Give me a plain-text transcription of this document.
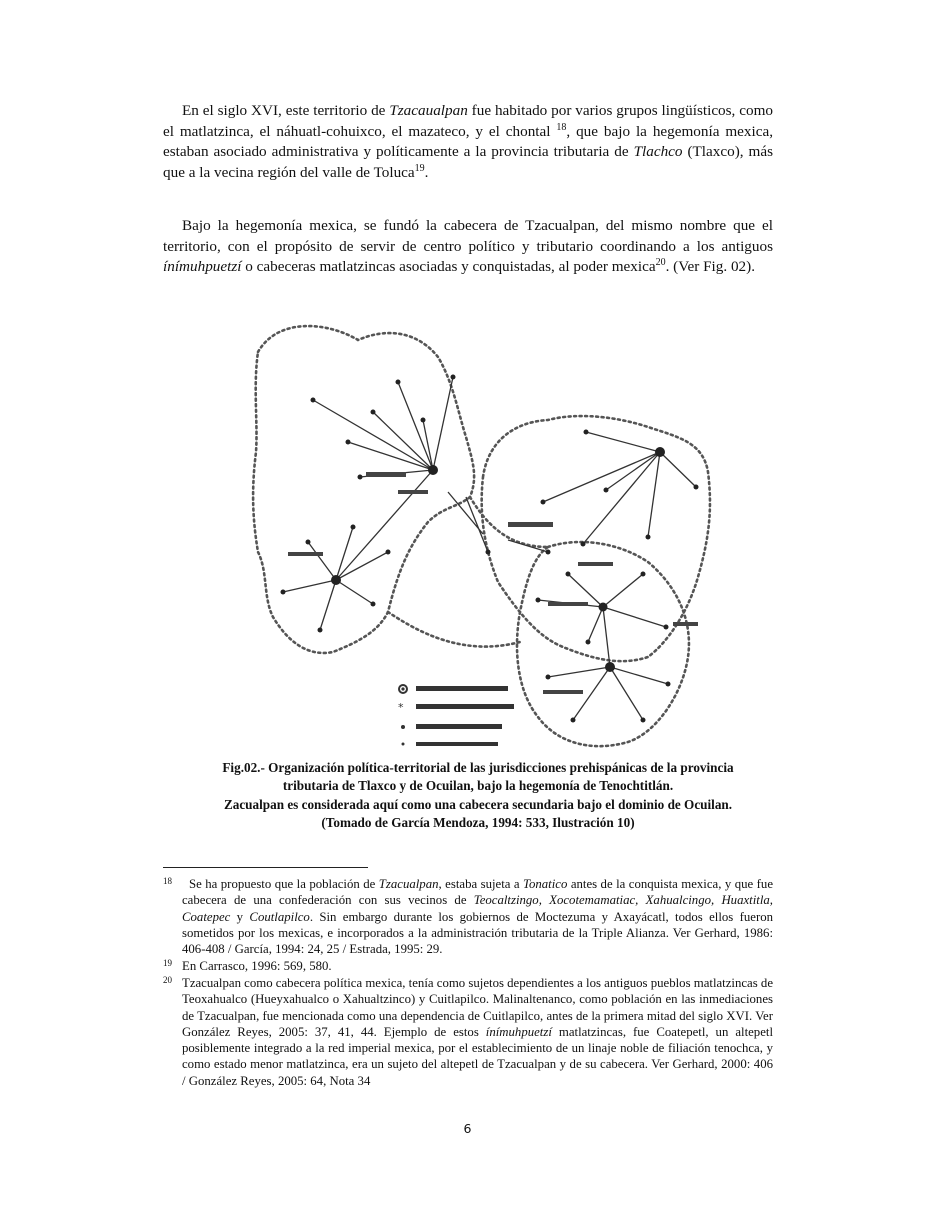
En el siglo XVI, este territorio de Tzacaualpan fue habitado por varios grupos lingüísticos, como el matlatzinca, el náhuatl-cohuixco, el mazateco, y el chontal $^{18}$, que bajo la hegemonía mexica, estaban asociado administrativa y políticamente a la provincia tributaria de Tlachco (Tlaxco), más que a la vecina región del valle de Toluca$^{19}$.

Bajo la hegemonía mexica, se fundó la cabecera de Tzacualpan, del mismo nombre que el territorio, con el propósito de servir de centro político y tributario coordinando a los antiguos ínímuhpuetzí o cabeceras matlatzincas asociadas y conquistadas, al poder mexica$^{20}$. (Ver Fig. 02).

*
Fig.02.- Organización política-territorial de las jurisdicciones prehispánicas de la provincia
tributaria de Tlaxco y de Ocuilan, bajo la hegemonía de Tenochtitlán.
Zacualpan es considerada aquí como una cabecera secundaria bajo el dominio de Ocuilan.
(Tomado de García Mendoza, 1994: 533, Ilustración 10)
18	Se ha propuesto que la población de Tzacualpan, estaba sujeta a Tonatico antes de la conquista mexica, y que fue cabecera de una confederación con sus vecinos de Teocaltzingo, Xocotemamatiac, Xahualcingo, Huaxtitla, Coatepec y Coutlapilco. Sin embargo durante los gobiernos de Moctezuma y Axayácatl, todos ellos fueron sometidos por los mexicas, e incorporados a la administración tributaria de la Triple Alianza. Ver Gerhard, 1986: 406-408 / García, 1994: 24, 25 / Estrada, 1995: 29.
19 En Carrasco, 1996: 569, 580.
20 Tzacualpan como cabecera política mexica, tenía como sujetos dependientes a los antiguos pueblos matlatzincas de Teoxahualco (Hueyxahualco o Xahualtzinco) y Cuitlapilco. Malinaltenanco, como población en las inmediaciones de Tzacualpan, fue mencionada como una dependencia de Cuitlapilco, antes de la primera mitad del siglo XVI. Ver González Reyes, 2005: 37, 41, 44. Ejemplo de estos ínímuhpuetzí matlatzincas, fue Coatepetl, un altepetl posiblemente integrado a la red imperial mexica, por el establecimiento de un linaje noble de filiación tenochca, y como estado menor matlatzinca, era un sujeto del altepetl de Tzacualpan y de su cabecera. Ver Gerhard, 2000: 406 / González Reyes, 2005: 64, Nota 34
6
